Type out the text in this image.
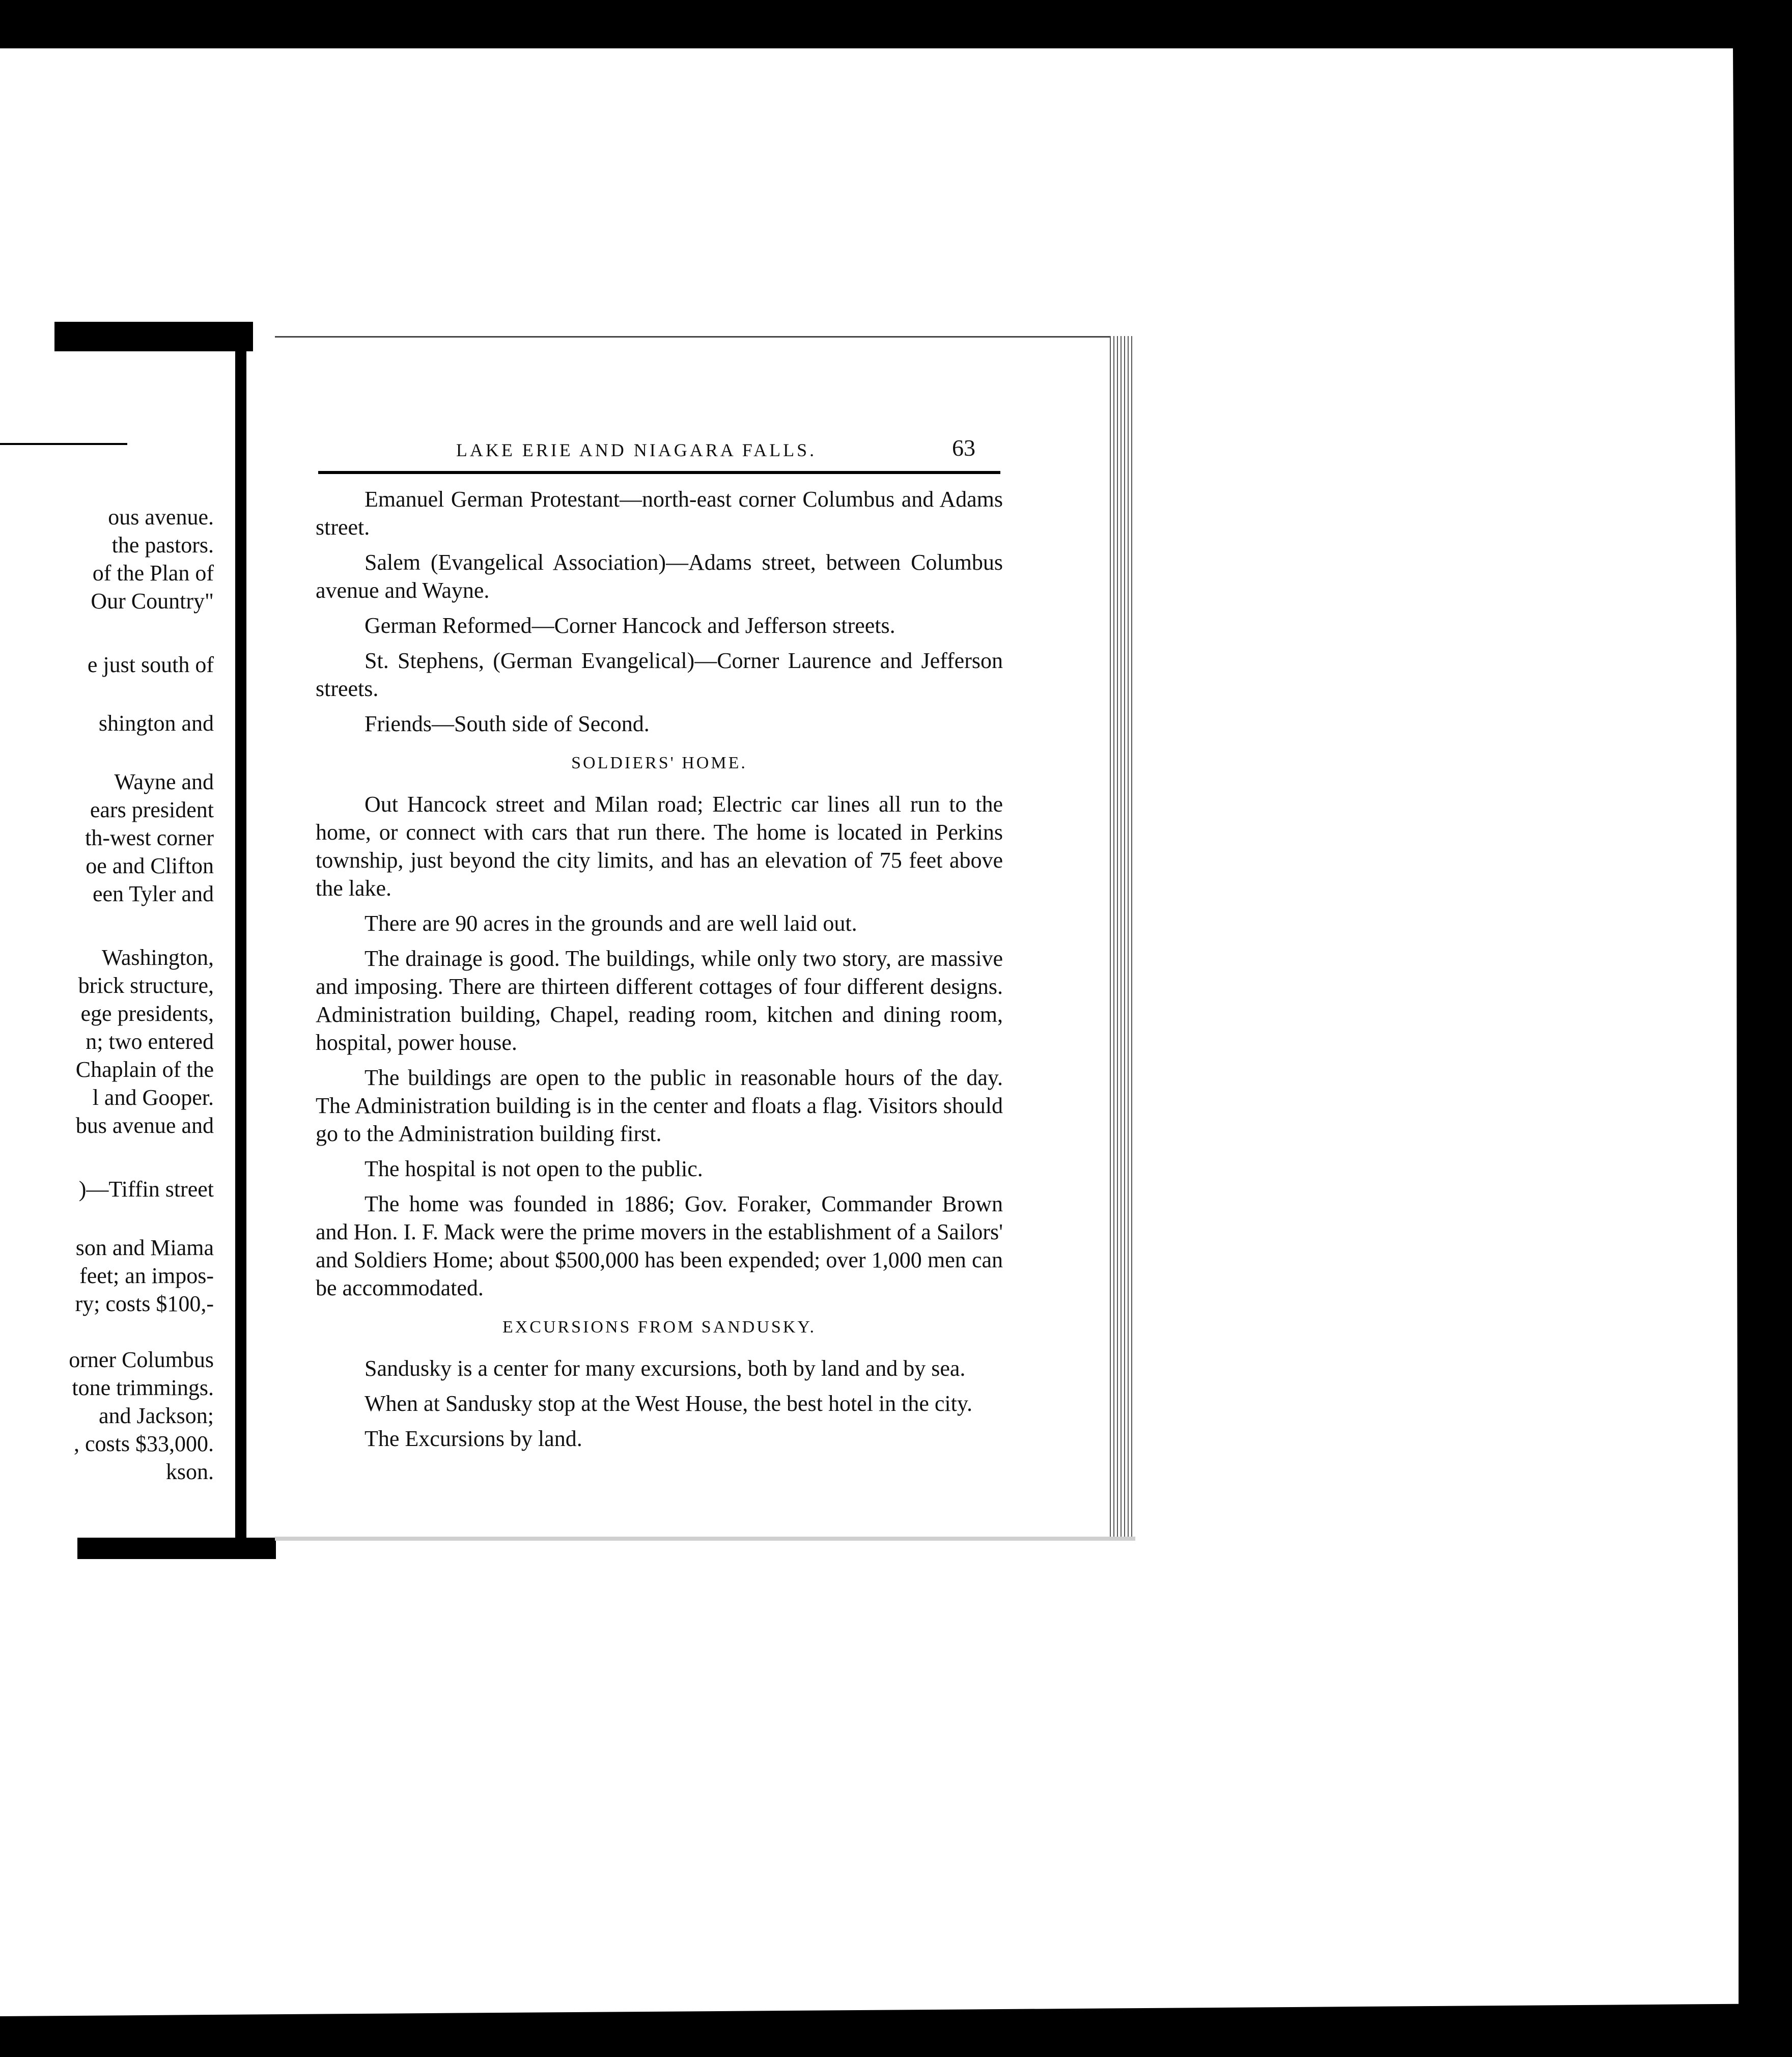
ous avenue.
the pastors.
of the Plan of
Our Country"
e just south of
shington and
Wayne and
ears president
th-west corner
oe and Clifton
een Tyler and
Washington,
brick structure,
ege presidents,
n; two entered
Chaplain of the
l and Gooper.
bus avenue and
)—Tiffin street
son and Miama
feet; an impos-
ry; costs $100,-
orner Columbus
tone trimmings.
and Jackson;
, costs $33,000.
kson.
LAKE ERIE AND NIAGARA FALLS.	63

Emanuel German Protestant—north-east corner Columbus and Adams street.

Salem (Evangelical Association)—Adams street, between Columbus avenue and Wayne.

German Reformed—Corner Hancock and Jefferson streets.

St. Stephens, (German Evangelical)—Corner Laurence and Jefferson streets.

Friends—South side of Second.

SOLDIERS' HOME.

Out Hancock street and Milan road; Electric car lines all run to the home, or connect with cars that run there. The home is located in Perkins township, just beyond the city limits, and has an elevation of 75 feet above the lake.

There are 90 acres in the grounds and are well laid out.

The drainage is good. The buildings, while only two story, are massive and imposing. There are thirteen different cottages of four different designs. Administration building, Chapel, reading room, kitchen and dining room, hospital, power house.

The buildings are open to the public in reasonable hours of the day. The Administration building is in the center and floats a flag. Visitors should go to the Administration building first.

The hospital is not open to the public.

The home was founded in 1886; Gov. Foraker, Commander Brown and Hon. I. F. Mack were the prime movers in the establishment of a Sailors' and Soldiers Home; about $500,000 has been expended; over 1,000 men can be accommodated.

EXCURSIONS FROM SANDUSKY.

Sandusky is a center for many excursions, both by land and by sea.

When at Sandusky stop at the West House, the best hotel in the city.

The Excursions by land.
